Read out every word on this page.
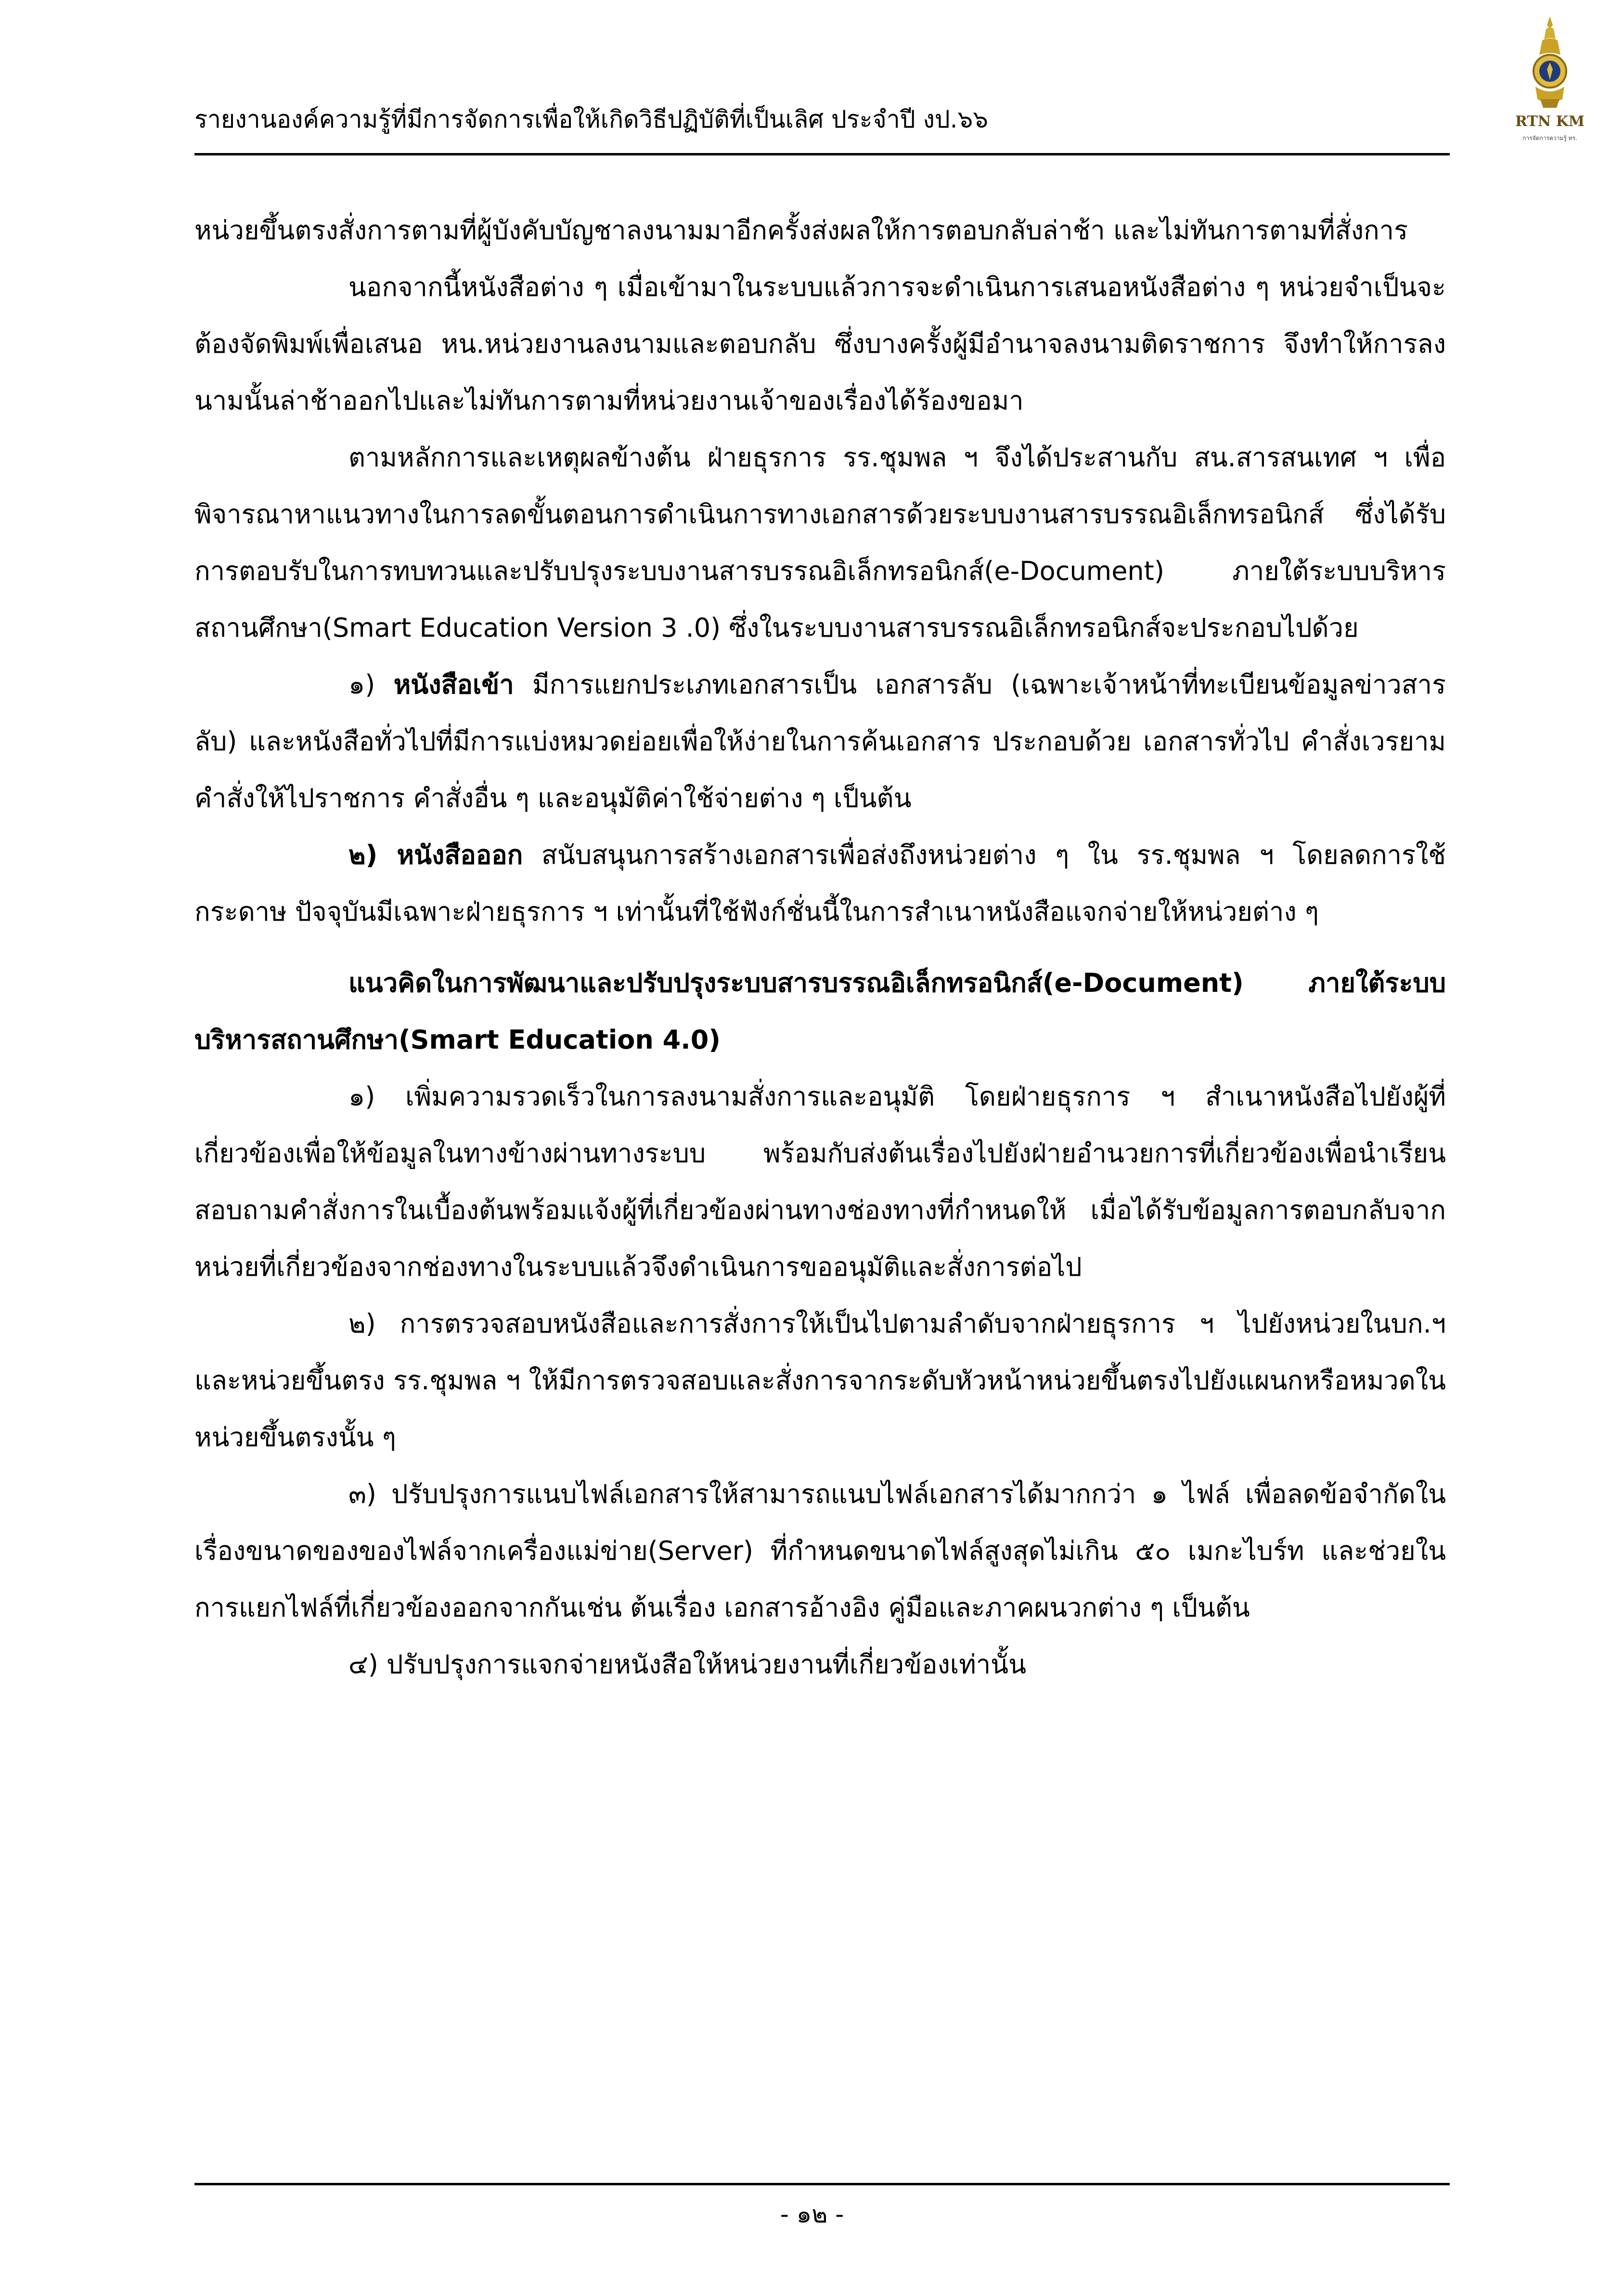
รายงานองค์ความรู้ที่มีการจัดการเพื่อให้เกิดวิธีปฏิบัติที่เป็นเลิศ ประจำปี งป.๖๖	RTN KM
การจัดการความรู้ ทร.

หน่วยขึ้นตรงสั่งการตามที่ผู้บังคับบัญชาลงนามมาอีกครั้งส่งผลให้การตอบกลับล่าช้า และไม่ทันการตามที่สั่งการ

นอกจากนี้หนังสือต่าง ๆ เมื่อเข้ามาในระบบแล้วการจะดำเนินการเสนอหนังสือต่าง ๆ หน่วยจำเป็นจะต้องจัดพิมพ์เพื่อเสนอ หน.หน่วยงานลงนามและตอบกลับ ซึ่งบางครั้งผู้มีอำนาจลงนามติดราชการ จึงทำให้การลงนามนั้นล่าช้าออกไปและไม่ทันการตามที่หน่วยงานเจ้าของเรื่องได้ร้องขอมา

ตามหลักการและเหตุผลข้างต้น ฝ่ายธุรการ รร.ชุมพล ฯ จึงได้ประสานกับ สน.สารสนเทศ ฯ เพื่อพิจารณาหาแนวทางในการลดขั้นตอนการดำเนินการทางเอกสารด้วยระบบงานสารบรรณอิเล็กทรอนิกส์ ซึ่งได้รับการตอบรับในการทบทวนและปรับปรุงระบบงานสารบรรณอิเล็กทรอนิกส์(e-Document) ภายใต้ระบบบริหารสถานศึกษา(Smart Education Version 3 .0) ซึ่งในระบบงานสารบรรณอิเล็กทรอนิกส์จะประกอบไปด้วย

๑) หนังสือเข้า มีการแยกประเภทเอกสารเป็น เอกสารลับ (เฉพาะเจ้าหน้าที่ทะเบียนข้อมูลข่าวสารลับ) และหนังสือทั่วไปที่มีการแบ่งหมวดย่อยเพื่อให้ง่ายในการค้นเอกสาร ประกอบด้วย เอกสารทั่วไป คำสั่งเวรยาม คำสั่งให้ไปราชการ คำสั่งอื่น ๆ และอนุมัติค่าใช้จ่ายต่าง ๆ เป็นต้น

๒) หนังสือออก สนับสนุนการสร้างเอกสารเพื่อส่งถึงหน่วยต่าง ๆ ใน รร.ชุมพล ฯ โดยลดการใช้กระดาษ ปัจจุบันมีเฉพาะฝ่ายธุรการ ฯ เท่านั้นที่ใช้ฟังก์ชั่นนี้ในการสำเนาหนังสือแจกจ่ายให้หน่วยต่าง ๆ

แนวคิดในการพัฒนาและปรับปรุงระบบสารบรรณอิเล็กทรอนิกส์(e-Document) ภายใต้ระบบบริหารสถานศึกษา(Smart Education 4.0)

๑) เพิ่มความรวดเร็วในการลงนามสั่งการและอนุมัติ โดยฝ่ายธุรการ ฯ สำเนาหนังสือไปยังผู้ที่เกี่ยวข้องเพื่อให้ข้อมูลในทางข้างผ่านทางระบบ พร้อมกับส่งต้นเรื่องไปยังฝ่ายอำนวยการที่เกี่ยวข้องเพื่อนำเรียนสอบถามคำสั่งการในเบื้องต้นพร้อมแจ้งผู้ที่เกี่ยวข้องผ่านทางช่องทางที่กำหนดให้ เมื่อได้รับข้อมูลการตอบกลับจากหน่วยที่เกี่ยวข้องจากช่องทางในระบบแล้วจึงดำเนินการขออนุมัติและสั่งการต่อไป

๒) การตรวจสอบหนังสือและการสั่งการให้เป็นไปตามลำดับจากฝ่ายธุรการ ฯ ไปยังหน่วยในบก.ฯ และหน่วยขึ้นตรง รร.ชุมพล ฯ ให้มีการตรวจสอบและสั่งการจากระดับหัวหน้าหน่วยขึ้นตรงไปยังแผนกหรือหมวดในหน่วยขึ้นตรงนั้น ๆ

๓) ปรับปรุงการแนบไฟล์เอกสารให้สามารถแนบไฟล์เอกสารได้มากกว่า ๑ ไฟล์ เพื่อลดข้อจำกัดในเรื่องขนาดของของไฟล์จากเครื่องแม่ข่าย(Server) ที่กำหนดขนาดไฟล์สูงสุดไม่เกิน ๕๐ เมกะไบร์ท และช่วยในการแยกไฟล์ที่เกี่ยวข้องออกจากกันเช่น ต้นเรื่อง เอกสารอ้างอิง คู่มือและภาคผนวกต่าง ๆ เป็นต้น

๔) ปรับปรุงการแจกจ่ายหนังสือให้หน่วยงานที่เกี่ยวข้องเท่านั้น

- ๑๒ -
